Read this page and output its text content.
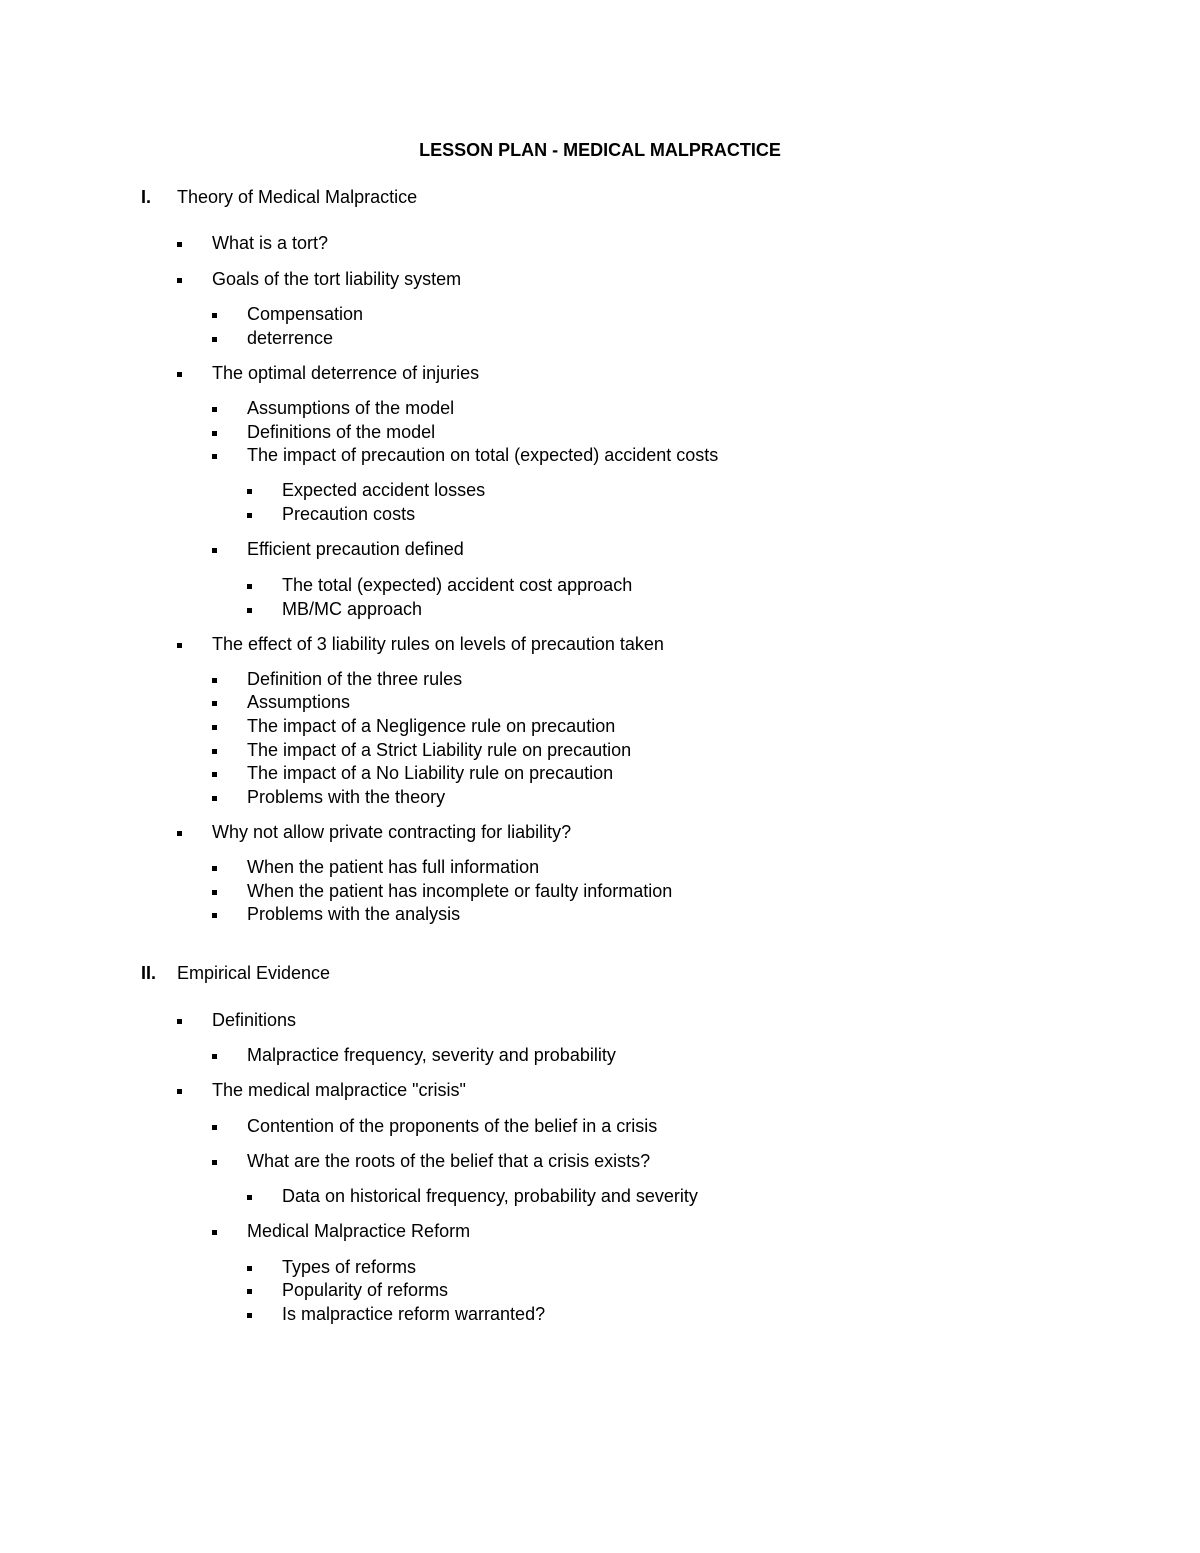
LESSON PLAN - MEDICAL MALPRACTICE
I. Theory of Medical Malpractice
What is a tort?
Goals of the tort liability system
Compensation
deterrence
The optimal deterrence of injuries
Assumptions of the model
Definitions of the model
The impact of precaution on total (expected) accident costs
Expected accident losses
Precaution costs
Efficient precaution defined
The total (expected) accident cost approach
MB/MC approach
The effect of 3 liability rules on levels of precaution taken
Definition of the three rules
Assumptions
The impact of a Negligence rule on precaution
The impact of a Strict Liability rule on precaution
The impact of a No Liability rule on precaution
Problems with the theory
Why not allow private contracting for liability?
When the patient has full information
When the patient has incomplete or faulty information
Problems with the analysis
II. Empirical Evidence
Definitions
Malpractice frequency, severity and probability
The medical malpractice "crisis"
Contention of the proponents of the belief in a crisis
What are the roots of the belief that a crisis exists?
Data on historical frequency, probability and severity
Medical Malpractice Reform
Types of reforms
Popularity of reforms
Is malpractice reform warranted?
